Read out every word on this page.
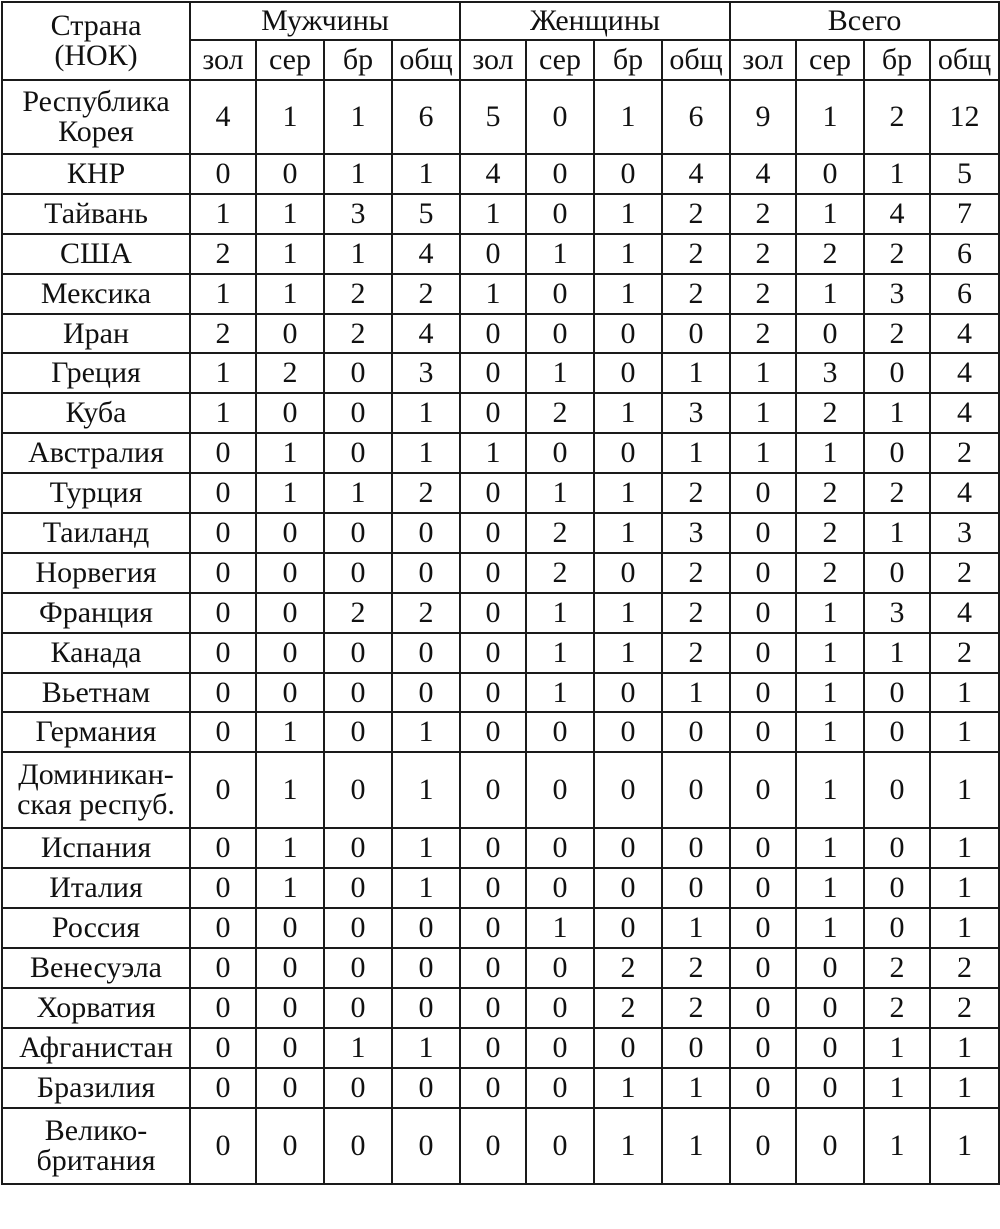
Страна
(НОК)	Мужчины				Женщины				Всего			
	зол	сер	бр	общ	зол	сер	бр	общ	зол	сер	бр	общ
Республика
Корея	4	1	1	6	5	0	1	6	9	1	2	12
КНР	0	0	1	1	4	0	0	4	4	0	1	5
Тайвань	1	1	3	5	1	0	1	2	2	1	4	7
США	2	1	1	4	0	1	1	2	2	2	2	6
Мексика	1	1	2	2	1	0	1	2	2	1	3	6
Иран	2	0	2	4	0	0	0	0	2	0	2	4
Греция	1	2	0	3	0	1	0	1	1	3	0	4
Куба	1	0	0	1	0	2	1	3	1	2	1	4
Австралия	0	1	0	1	1	0	0	1	1	1	0	2
Турция	0	1	1	2	0	1	1	2	0	2	2	4
Таиланд	0	0	0	0	0	2	1	3	0	2	1	3
Норвегия	0	0	0	0	0	2	0	2	0	2	0	2
Франция	0	0	2	2	0	1	1	2	0	1	3	4
Канада	0	0	0	0	0	1	1	2	0	1	1	2
Вьетнам	0	0	0	0	0	1	0	1	0	1	0	1
Германия	0	1	0	1	0	0	0	0	0	1	0	1
Доминикан-
ская респуб.	0	1	0	1	0	0	0	0	0	1	0	1
Испания	0	1	0	1	0	0	0	0	0	1	0	1
Италия	0	1	0	1	0	0	0	0	0	1	0	1
Россия	0	0	0	0	0	1	0	1	0	1	0	1
Венесуэла	0	0	0	0	0	0	2	2	0	0	2	2
Хорватия	0	0	0	0	0	0	2	2	0	0	2	2
Афганистан	0	0	1	1	0	0	0	0	0	0	1	1
Бразилия	0	0	0	0	0	0	1	1	0	0	1	1
Велико-
британия	0	0	0	0	0	0	1	1	0	0	1	1
